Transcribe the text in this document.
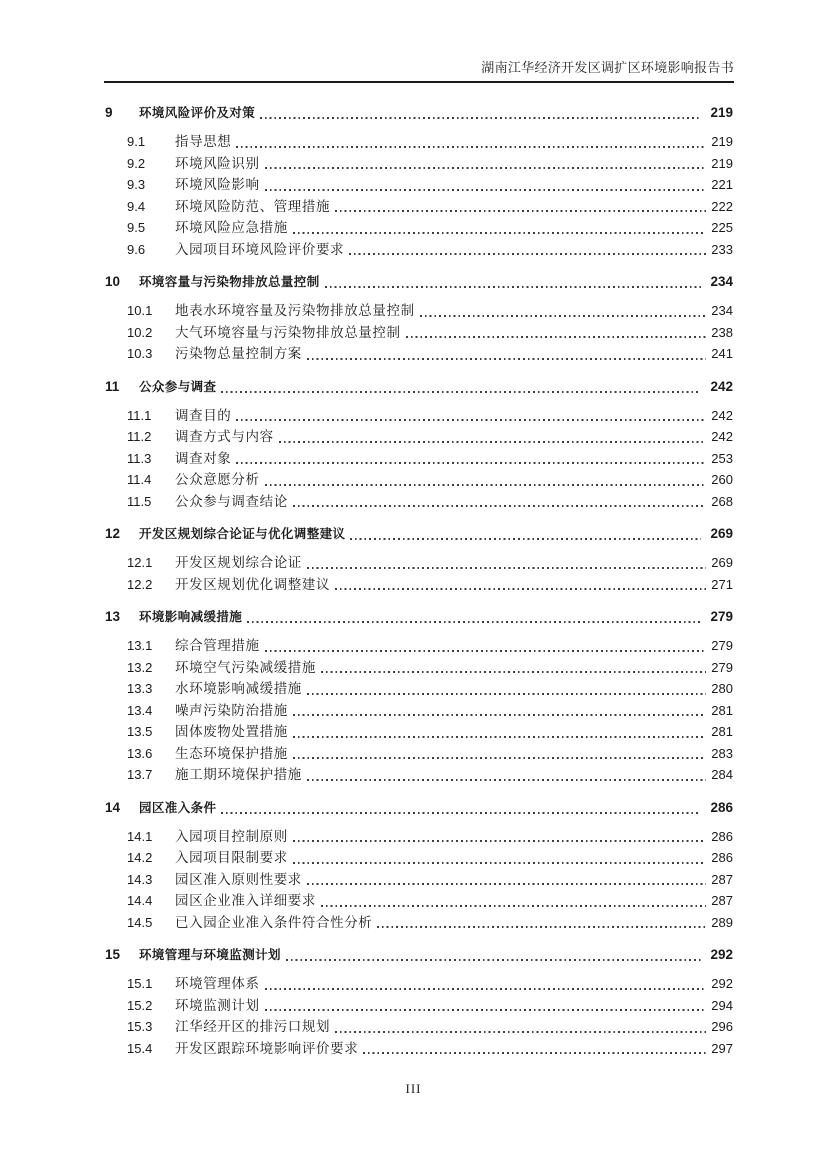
湖南江华经济开发区调扩区环境影响报告书
9	环境风险评价及对策	219
9.1	指导思想	219
9.2	环境风险识别	219
9.3	环境风险影响	221
9.4	环境风险防范、管理措施	222
9.5	环境风险应急措施	225
9.6	入园项目环境风险评价要求	233
10	环境容量与污染物排放总量控制	234
10.1	地表水环境容量及污染物排放总量控制	234
10.2	大气环境容量与污染物排放总量控制	238
10.3	污染物总量控制方案	241
11	公众参与调查	242
11.1	调查目的	242
11.2	调查方式与内容	242
11.3	调查对象	253
11.4	公众意愿分析	260
11.5	公众参与调查结论	268
12	开发区规划综合论证与优化调整建议	269
12.1	开发区规划综合论证	269
12.2	开发区规划优化调整建议	271
13	环境影响减缓措施	279
13.1	综合管理措施	279
13.2	环境空气污染减缓措施	279
13.3	水环境影响减缓措施	280
13.4	噪声污染防治措施	281
13.5	固体废物处置措施	281
13.6	生态环境保护措施	283
13.7	施工期环境保护措施	284
14	园区准入条件	286
14.1	入园项目控制原则	286
14.2	入园项目限制要求	286
14.3	园区准入原则性要求	287
14.4	园区企业准入详细要求	287
14.5	已入园企业准入条件符合性分析	289
15	环境管理与环境监测计划	292
15.1	环境管理体系	292
15.2	环境监测计划	294
15.3	江华经开区的排污口规划	296
15.4	开发区跟踪环境影响评价要求	297
III
